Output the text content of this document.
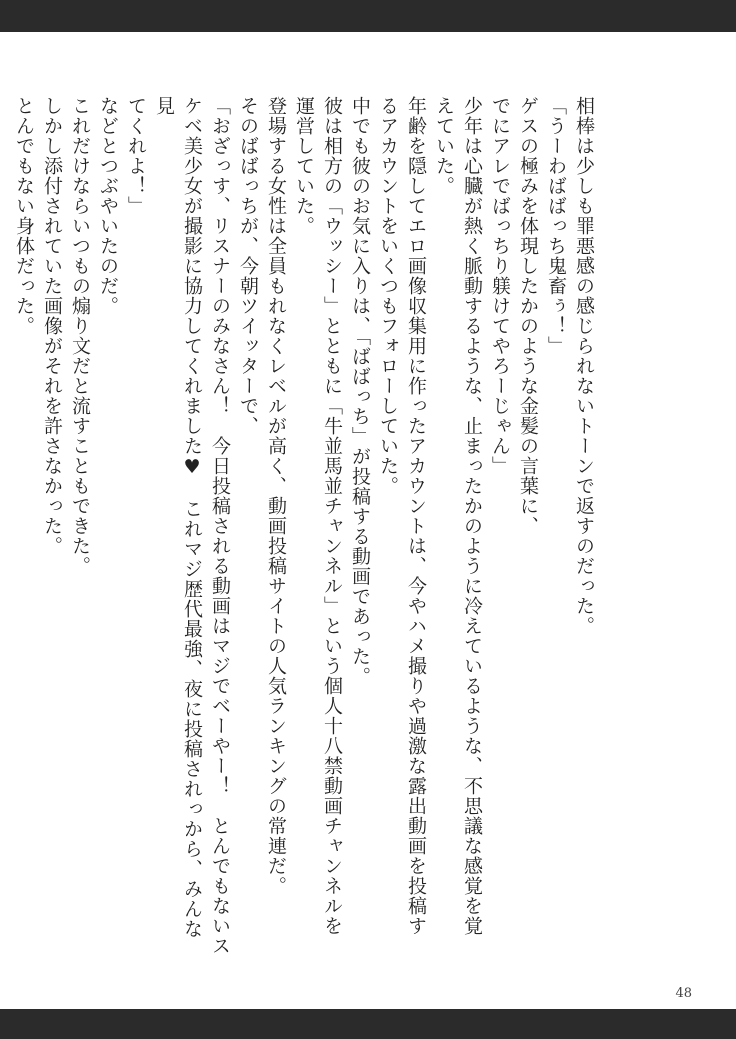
相棒は少しも罪悪感の感じられないトーンで返すのだった。

「うーわばばっち鬼畜ぅ！」

ゲスの極みを体現したかのような金髪の言葉に、

でにアレでばっちり躾けてやろーじゃん」

少年は心臓が熱く脈動するような、止まったかのように冷えているような、不思議な感覚を覚

えていた。

年齢を隠してエロ画像収集用に作ったアカウントは、今やハメ撮りや過激な露出動画を投稿す

るアカウントをいくつもフォローしていた。

中でも彼のお気に入りは、「ばばっち」が投稿する動画であった。

彼は相方の「ウッシー」とともに「牛並馬並チャンネル」という個人十八禁動画チャンネルを

運営していた。

登場する女性は全員もれなくレベルが高く、動画投稿サイトの人気ランキングの常連だ。

そのばばっちが、今朝ツイッターで、

「おざっす、リスナーのみなさん！　今日投稿される動画はマジでベーやー！　とんでもないス

ケベ美少女が撮影に協力してくれました♥　これマジ歴代最強、夜に投稿されっから、みんな見

てくれよ！」

などとつぶやいたのだ。

これだけならいつもの煽り文だと流すこともできた。

しかし添付されていた画像がそれを許さなかった。

とんでもない身体だった。

48
